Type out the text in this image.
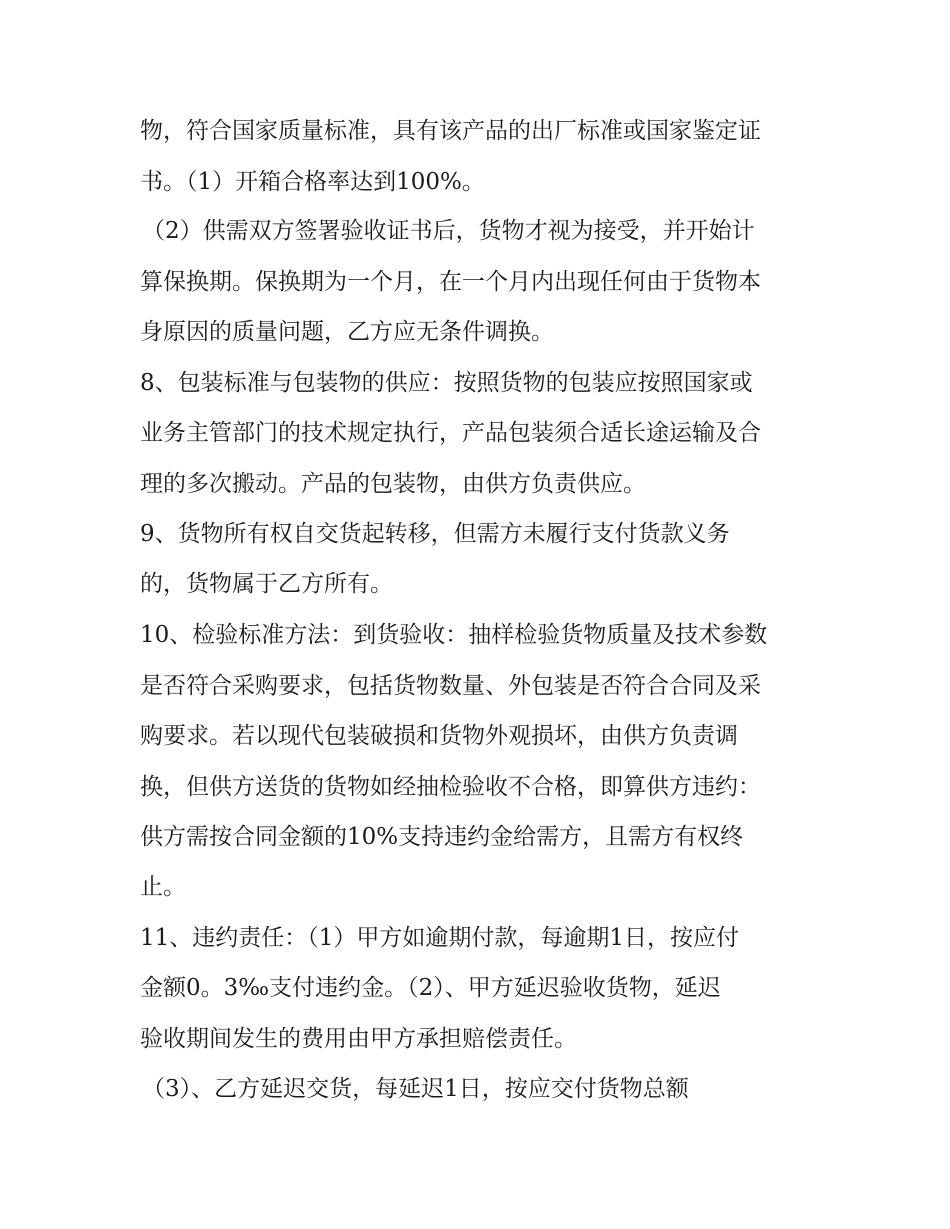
物，符合国家质量标准，具有该产品的出厂标准或国家鉴定证
书。（1）开箱合格率达到100%。
（2）供需双方签署验收证书后，货物才视为接受，并开始计
算保换期。保换期为一个月，在一个月内出现任何由于货物本
身原因的质量问题，乙方应无条件调换。
8、包装标准与包装物的供应：按照货物的包装应按照国家或
业务主管部门的技术规定执行，产品包装须合适长途运输及合
理的多次搬动。产品的包装物，由供方负责供应。
9、货物所有权自交货起转移，但需方未履行支付货款义务
的，货物属于乙方所有。
10、检验标准方法：到货验收：抽样检验货物质量及技术参数
是否符合采购要求，包括货物数量、外包装是否符合合同及采
购要求。若以现代包装破损和货物外观损坏，由供方负责调
换，但供方送货的货物如经抽检验收不合格，即算供方违约：
供方需按合同金额的10%支持违约金给需方，且需方有权终
止。
11、违约责任：（1）甲方如逾期付款，每逾期1日，按应付
金额0。3‰支付违约金。（2）、甲方延迟验收货物，延迟
验收期间发生的费用由甲方承担赔偿责任。
（3）、乙方延迟交货，每延迟1日，按应交付货物总额
